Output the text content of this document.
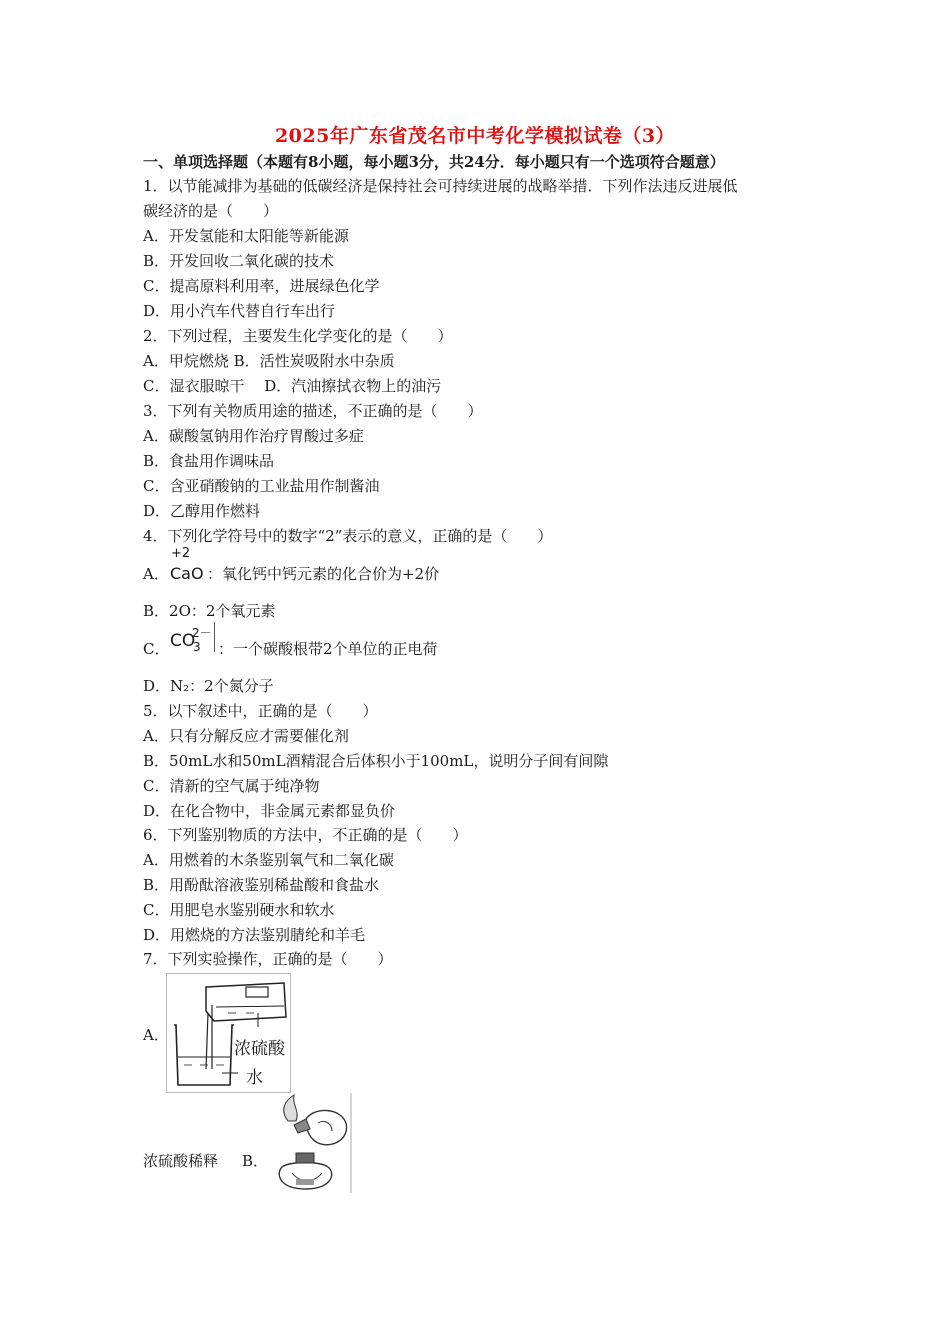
2025年广东省茂名市中考化学模拟试卷（3）
一、单项选择题（本题有8小题，每小题3分，共24分．每小题只有一个选项符合题意）
1．以节能减排为基础的低碳经济是保持社会可持续进展的战略举措．下列作法违反进展低
碳经济的是（　　）
A．开发氢能和太阳能等新能源
B．开发回收二氧化碳的技术
C．提高原料利用率，进展绿色化学
D．用小汽车代替自行车出行
2．下列过程，主要发生化学变化的是（　　）
A．甲烷燃烧 B．活性炭吸附水中杂质
C．湿衣服晾干　 D．汽油擦拭衣物上的油污
3．下列有关物质用途的描述，不正确的是（　　）
A．碳酸氢钠用作治疗胃酸过多症
B．食盐用作调味品
C．含亚硝酸钠的工业盐用作制酱油
D．乙醇用作燃料
4．下列化学符号中的数字“2”表示的意义，正确的是（　　）
A．
+2
CaO ：氧化钙中钙元素的化合价为+2价
B．2O：2个氧元素
C． CO
2－
3 ：一个碳酸根带2个单位的正电荷
D．N₂：2个氮分子
5．以下叙述中，正确的是（　　）
A．只有分解反应才需要催化剂
B．50mL水和50mL酒精混合后体积小于100mL，说明分子间有间隙
C．清新的空气属于纯净物
D．在化合物中，非金属元素都显负价
6．下列鉴别物质的方法中，不正确的是（　　）
A．用燃着的木条鉴别氧气和二氧化碳
B．用酚酞溶液鉴别稀盐酸和食盐水
C．用肥皂水鉴别硬水和软水
D．用燃烧的方法鉴别腈纶和羊毛
7．下列实验操作，正确的是（　　）
A．
浓硫酸
水
浓硫酸稀释 B．
